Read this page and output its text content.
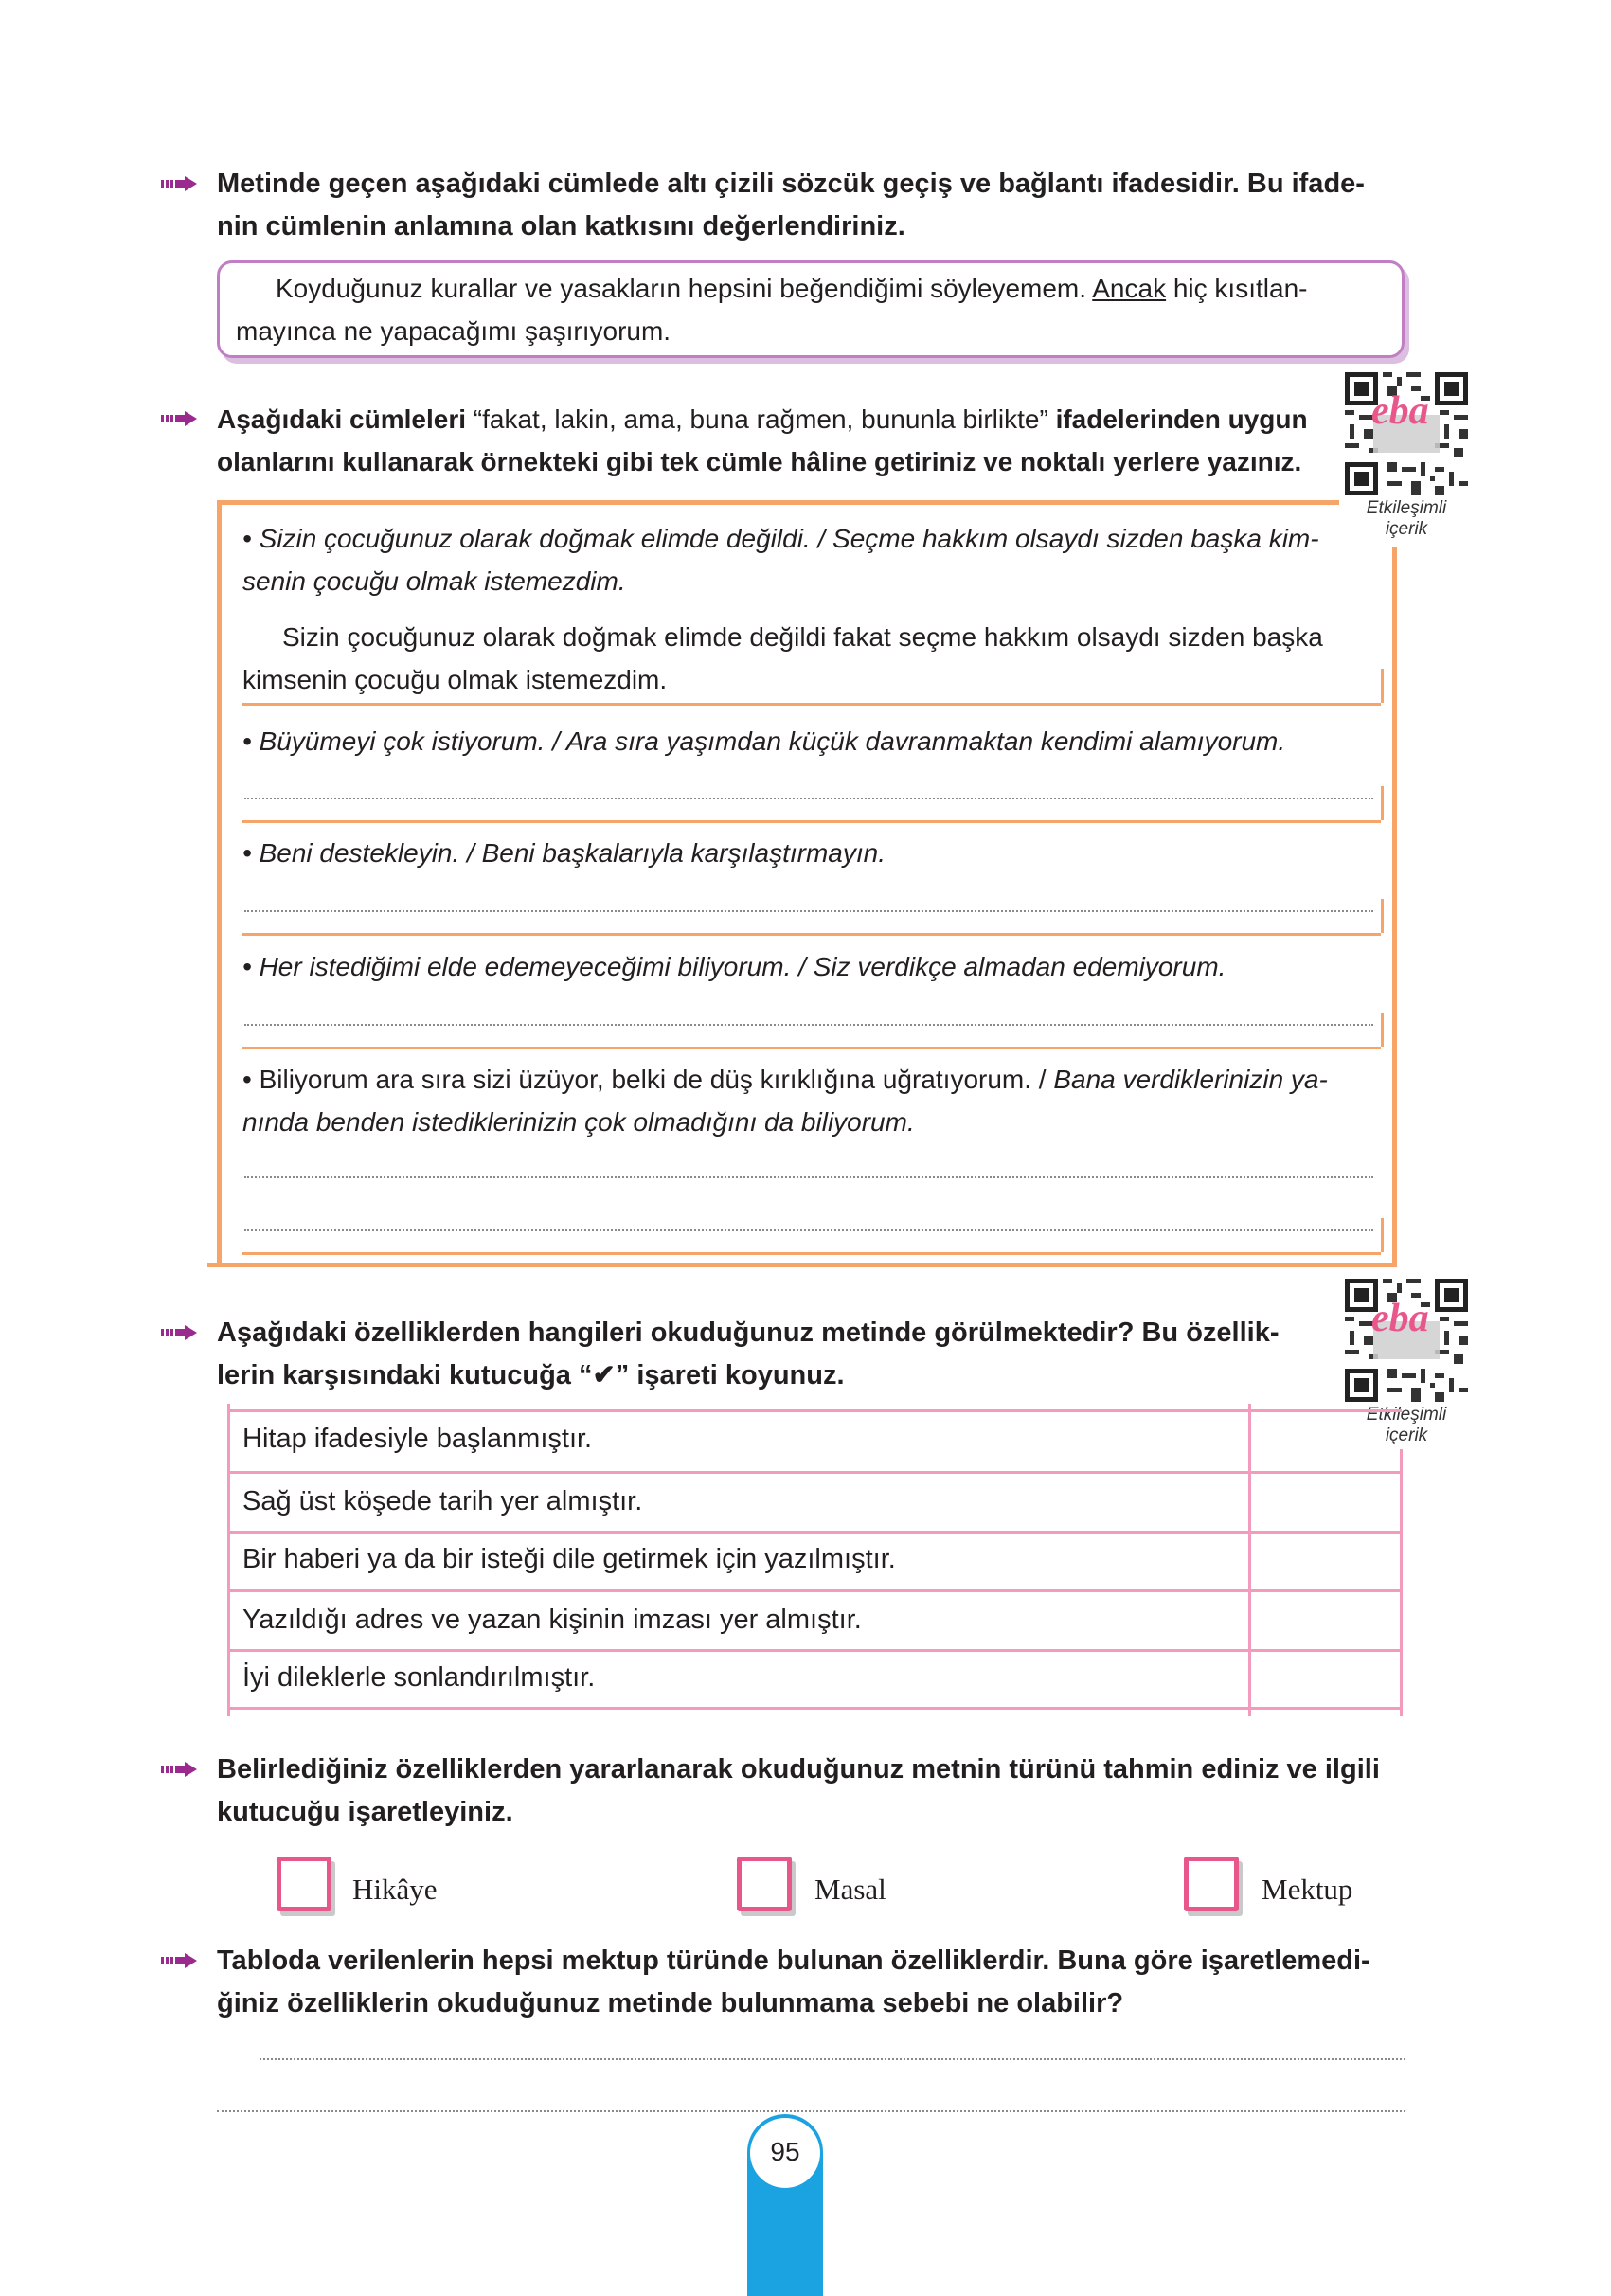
Metinde geçen aşağıdaki cümlede altı çizili sözcük geçiş ve bağlantı ifadesidir. Bu ifade-
nin cümlenin anlamına olan katkısını değerlendiriniz.
Koyduğunuz kurallar ve yasakların hepsini beğendiğimi söyleyemem. Ancak hiç kısıtlan-
mayınca ne yapacağımı şaşırıyorum.
Aşağıdaki cümleleri “fakat, lakin, ama, buna rağmen, bununla birlikte” ifadelerinden uygun
olanlarını kullanarak örnekteki gibi tek cümle hâline getiriniz ve noktalı yerlere yazınız.
eba
Etkileşimli
içerik
• Sizin çocuğunuz olarak doğmak elimde değildi. / Seçme hakkım olsaydı sizden başka kim-
senin çocuğu olmak istemezdim.
Sizin çocuğunuz olarak doğmak elimde değildi fakat seçme hakkım olsaydı sizden başka
kimsenin çocuğu olmak istemezdim.
• Büyümeyi çok istiyorum. / Ara sıra yaşımdan küçük davranmaktan kendimi alamıyorum.
• Beni destekleyin. / Beni başkalarıyla karşılaştırmayın.
• Her istediğimi elde edemeyeceğimi biliyorum. / Siz verdikçe almadan edemiyorum.
• Biliyorum ara sıra sizi üzüyor, belki de düş kırıklığına uğratıyorum. / Bana verdiklerinizin ya-
nında benden istediklerinizin çok olmadığını da biliyorum.
Aşağıdaki özelliklerden hangileri okuduğunuz metinde görülmektedir? Bu özellik-
lerin karşısındaki kutucuğa “✔” işareti koyunuz.
eba
Etkileşimli
içerik
Hitap ifadesiyle başlanmıştır.
Sağ üst köşede tarih yer almıştır.
Bir haberi ya da bir isteği dile getirmek için yazılmıştır.
Yazıldığı adres ve yazan kişinin imzası yer almıştır.
İyi dileklerle sonlandırılmıştır.
Belirlediğiniz özelliklerden yararlanarak okuduğunuz metnin türünü tahmin ediniz ve ilgili
kutucuğu işaretleyiniz.
Hikâye	Masal	Mektup
Tabloda verilenlerin hepsi mektup türünde bulunan özelliklerdir. Buna göre işaretlemedi-
ğiniz özelliklerin okuduğunuz metinde bulunmama sebebi ne olabilir?
95
